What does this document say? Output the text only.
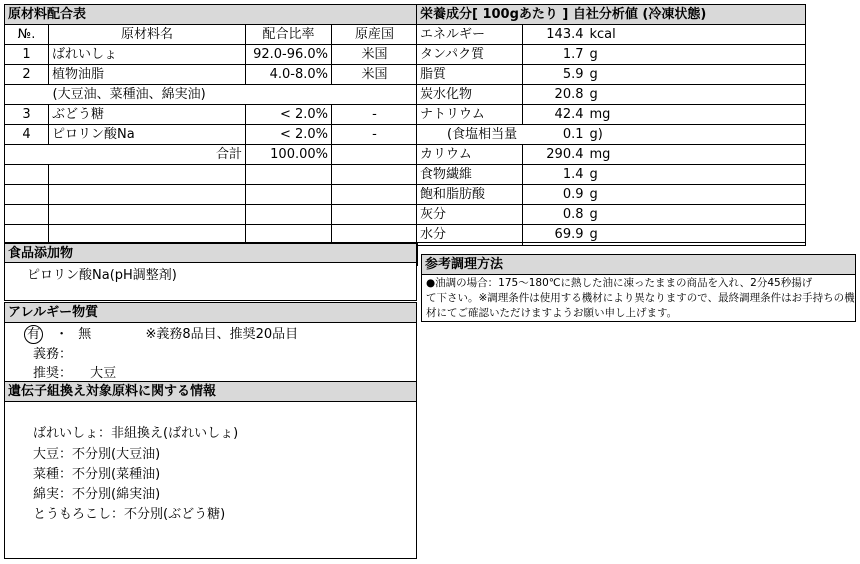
原材料配合表
№.	原材料名	配合比率	原産国
1	ばれいしょ	92.0-96.0%	米国
2	植物油脂	4.0-8.0%	米国
	(大豆油、菜種油、綿実油)		
3	ぶどう糖	< 2.0%	-
4	ピロリン酸Na	< 2.0%	-
	合計	100.00%	

栄養成分[ 100gあたり ] 自社分析値 (冷凍状態)
エネルギー	143.4	kcal
タンパク質	1.7	g
脂質	5.9	g
炭水化物	20.8	g
ナトリウム	42.4	mg
(食塩相当量	0.1	g)
カリウム	290.4	mg
食物繊維	1.4	g
飽和脂肪酸	0.9	g
灰分	0.8	g
水分	69.9	g
参考調理方法
●油調の場合：175～180℃に熱した油に凍ったままの商品を入れ、2分45秒揚げ
て下さい。※調理条件は使用する機材により異なりますので、最終調理条件はお手持ちの機
材にてご確認いただけますようお願い申し上げます。
食品添加物
ピロリン酸Na(pH調整剤)
アレルギー物質
有 ・ 無	※義務8品目、推奨20品目
義務：
推奨： 大豆
遺伝子組換え対象原料に関する情報
ばれいしょ：非組換え(ばれいしょ)
大豆：不分別(大豆油)
菜種：不分別(菜種油)
綿実：不分別(綿実油)
とうもろこし：不分別(ぶどう糖)
